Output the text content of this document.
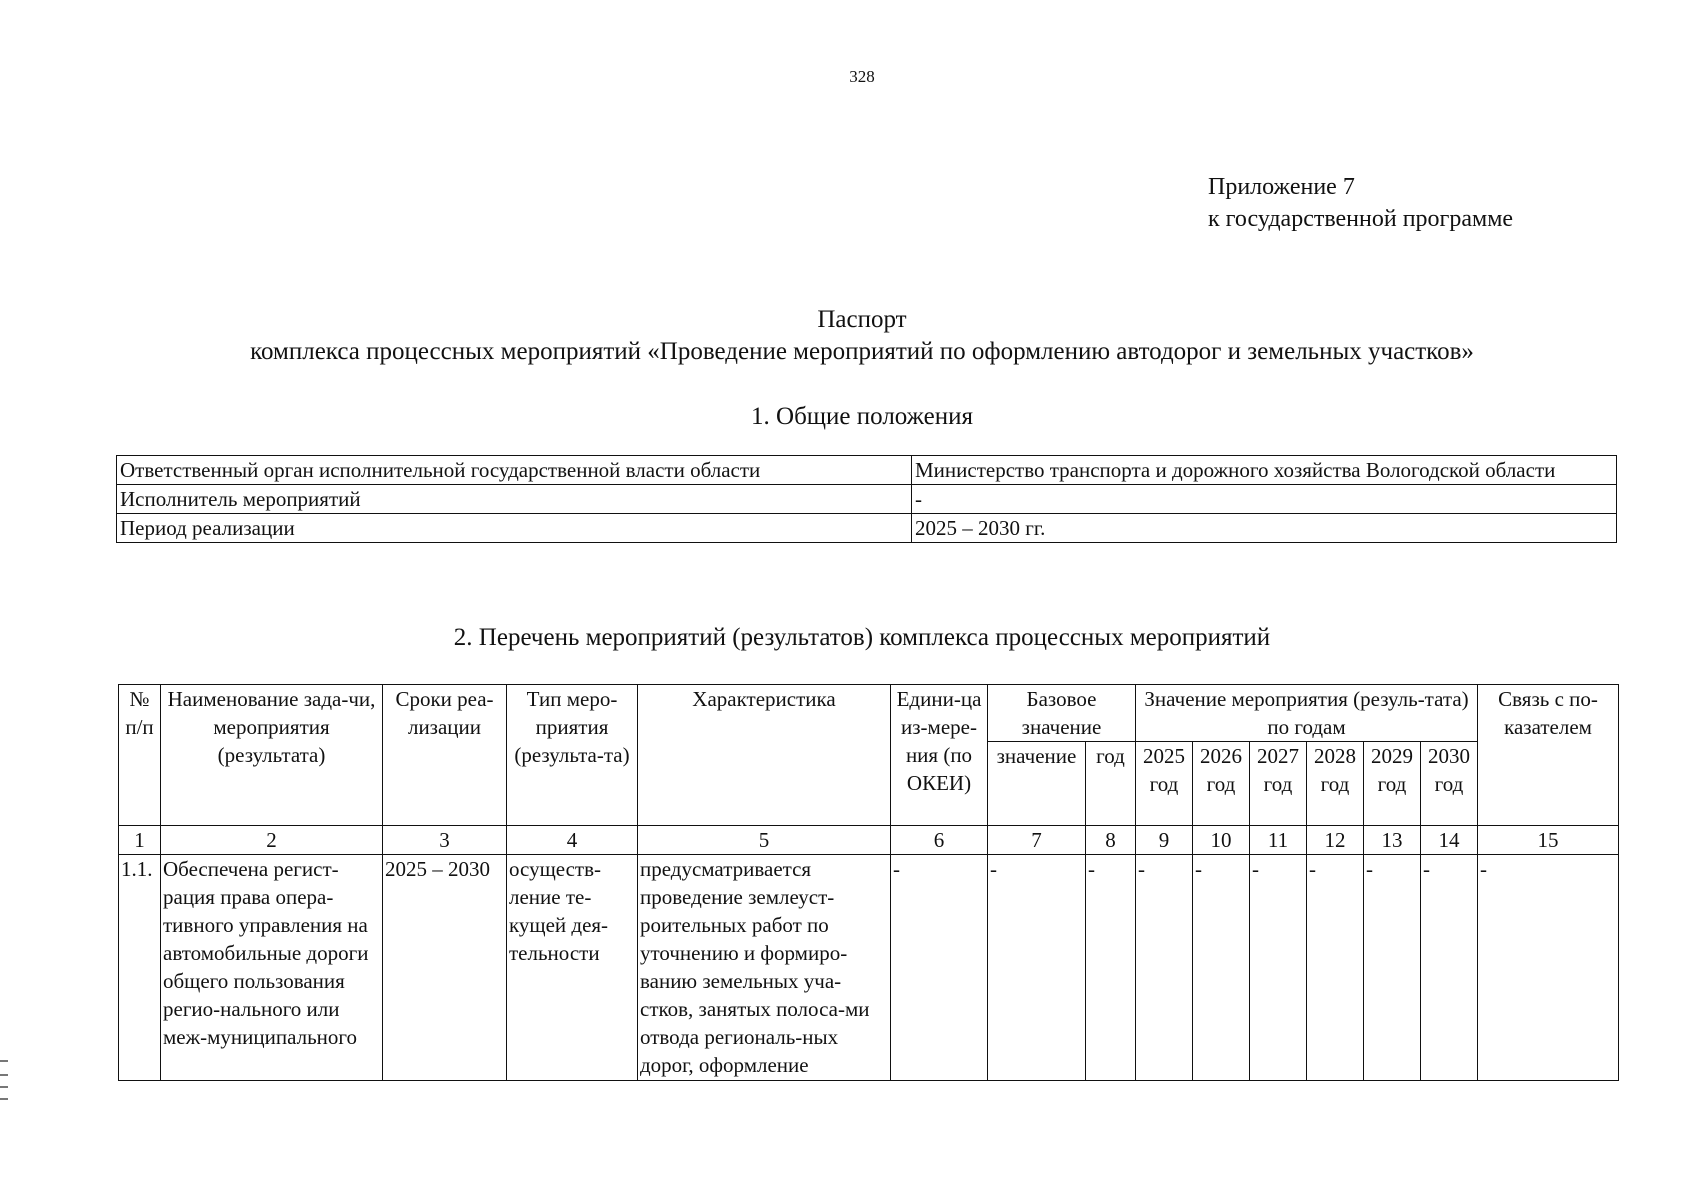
328
Приложение 7
к государственной программе
Паспорт
комплекса процессных мероприятий «Проведение мероприятий по оформлению автодорог и земельных участков»
1. Общие положения
Ответственный орган исполнительной государственной власти области	Министерство транспорта и дорожного хозяйства Вологодской области
Исполнитель мероприятий	-
Период реализации	2025 – 2030 гг.
2. Перечень мероприятий (результатов) комплекса процессных мероприятий
№ п/п	Наименование зада-чи, мероприятия (результата)	Сроки реа-лизации	Тип меро-приятия (результа-та)	Характеристика	Едини-ца из-мере-ния (по ОКЕИ)	Базовое значение		Значение мероприятия (резуль-тата) по годам						Связь с по-казателем
						значение	год	2025 год	2026 год	2027 год	2028 год	2029 год	2030 год	
1	2	3	4	5	6	7	8	9	10	11	12	13	14	15
1.1.	Обеспечена регист-рация права опера-тивного управления на автомобильные дороги общего пользования регио-нального или меж-муниципального	2025 – 2030	осуществ-ление те-кущей дея-тельности	предусматривается проведение землеуст-роительных работ по уточнению и формиро-ванию земельных уча-стков, занятых полоса-ми отвода региональ-ных дорог, оформление	-	-	-	-	-	-	-	-	-	-
